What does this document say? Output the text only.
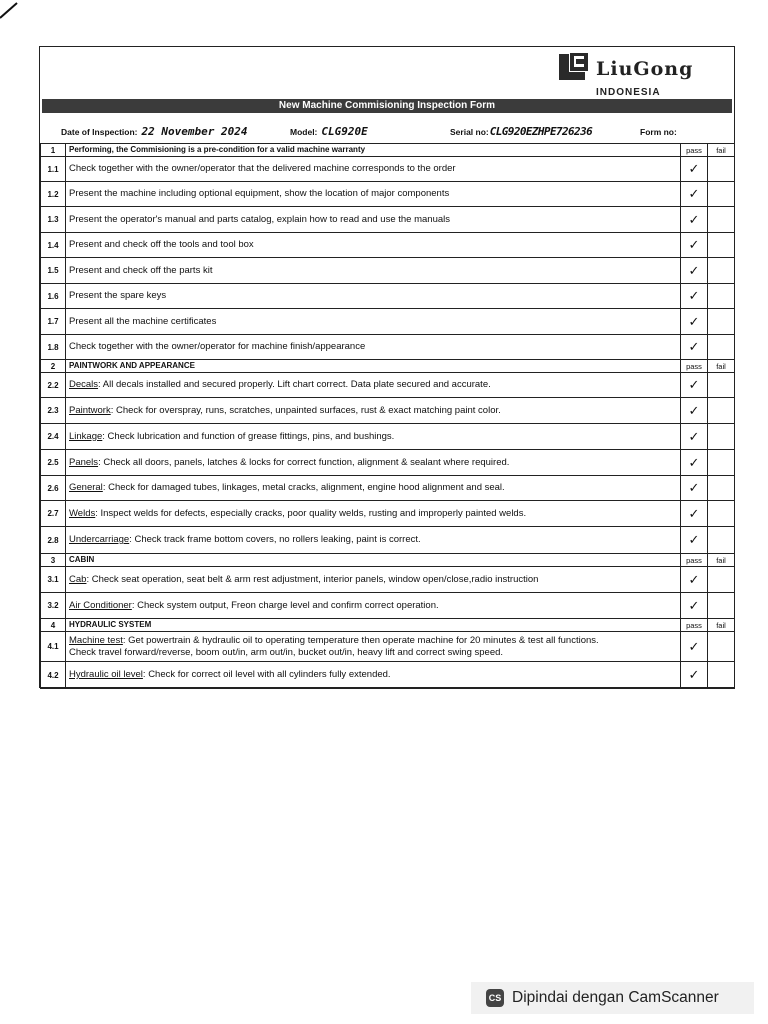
LiuGong
INDONESIA
New Machine Commisioning Inspection Form
Date of Inspection: 22 November 2024	Model: CLG920E	Serial no:CLG920EZHPE726236	Form no:
1	Performing, the Commisioning is a pre-condition for a valid machine warranty	pass	fail
1.1	Check together with the owner/operator that the delivered machine corresponds to the order	✓	
1.2	Present the machine including optional equipment, show the location of major components	✓	
1.3	Present the operator's manual and parts catalog, explain how to read and use the manuals	✓	
1.4	Present and check off the tools and tool box	✓	
1.5	Present and check off the parts kit	✓	
1.6	Present the spare keys	✓	
1.7	Present all the machine certificates	✓	
1.8	Check together with the owner/operator for machine finish/appearance	✓	
2	PAINTWORK AND APPEARANCE	pass	fail
2.2	Decals: All decals installed and secured properly. Lift chart correct. Data plate secured and accurate.	✓	
2.3	Paintwork: Check for overspray, runs, scratches, unpainted surfaces, rust & exact matching paint color.	✓	
2.4	Linkage: Check lubrication and function of grease fittings, pins, and bushings.	✓	
2.5	Panels: Check all doors, panels, latches & locks for correct function, alignment & sealant where required.	✓	
2.6	General: Check for damaged tubes, linkages, metal cracks, alignment, engine hood alignment and seal.	✓	
2.7	Welds: Inspect welds for defects, especially cracks, poor quality welds, rusting and improperly painted welds.	✓	
2.8	Undercarriage: Check track frame bottom covers, no rollers leaking, paint is correct.	✓	
3	CABIN	pass	fail
3.1	Cab: Check seat operation, seat belt & arm rest adjustment, interior panels, window open/close,radio instruction	✓	
3.2	Air Conditioner: Check system output, Freon charge level and confirm correct operation.	✓	
4	HYDRAULIC SYSTEM	pass	fail
4.1	Machine test: Get powertrain & hydraulic oil to operating temperature then operate machine for 20 minutes & test all functions.
Check travel forward/reverse, boom out/in, arm out/in, bucket out/in, heavy lift and correct swing speed.	✓	
4.2	Hydraulic oil level: Check for correct oil level with all cylinders fully extended.	✓	
CS Dipindai dengan CamScanner
